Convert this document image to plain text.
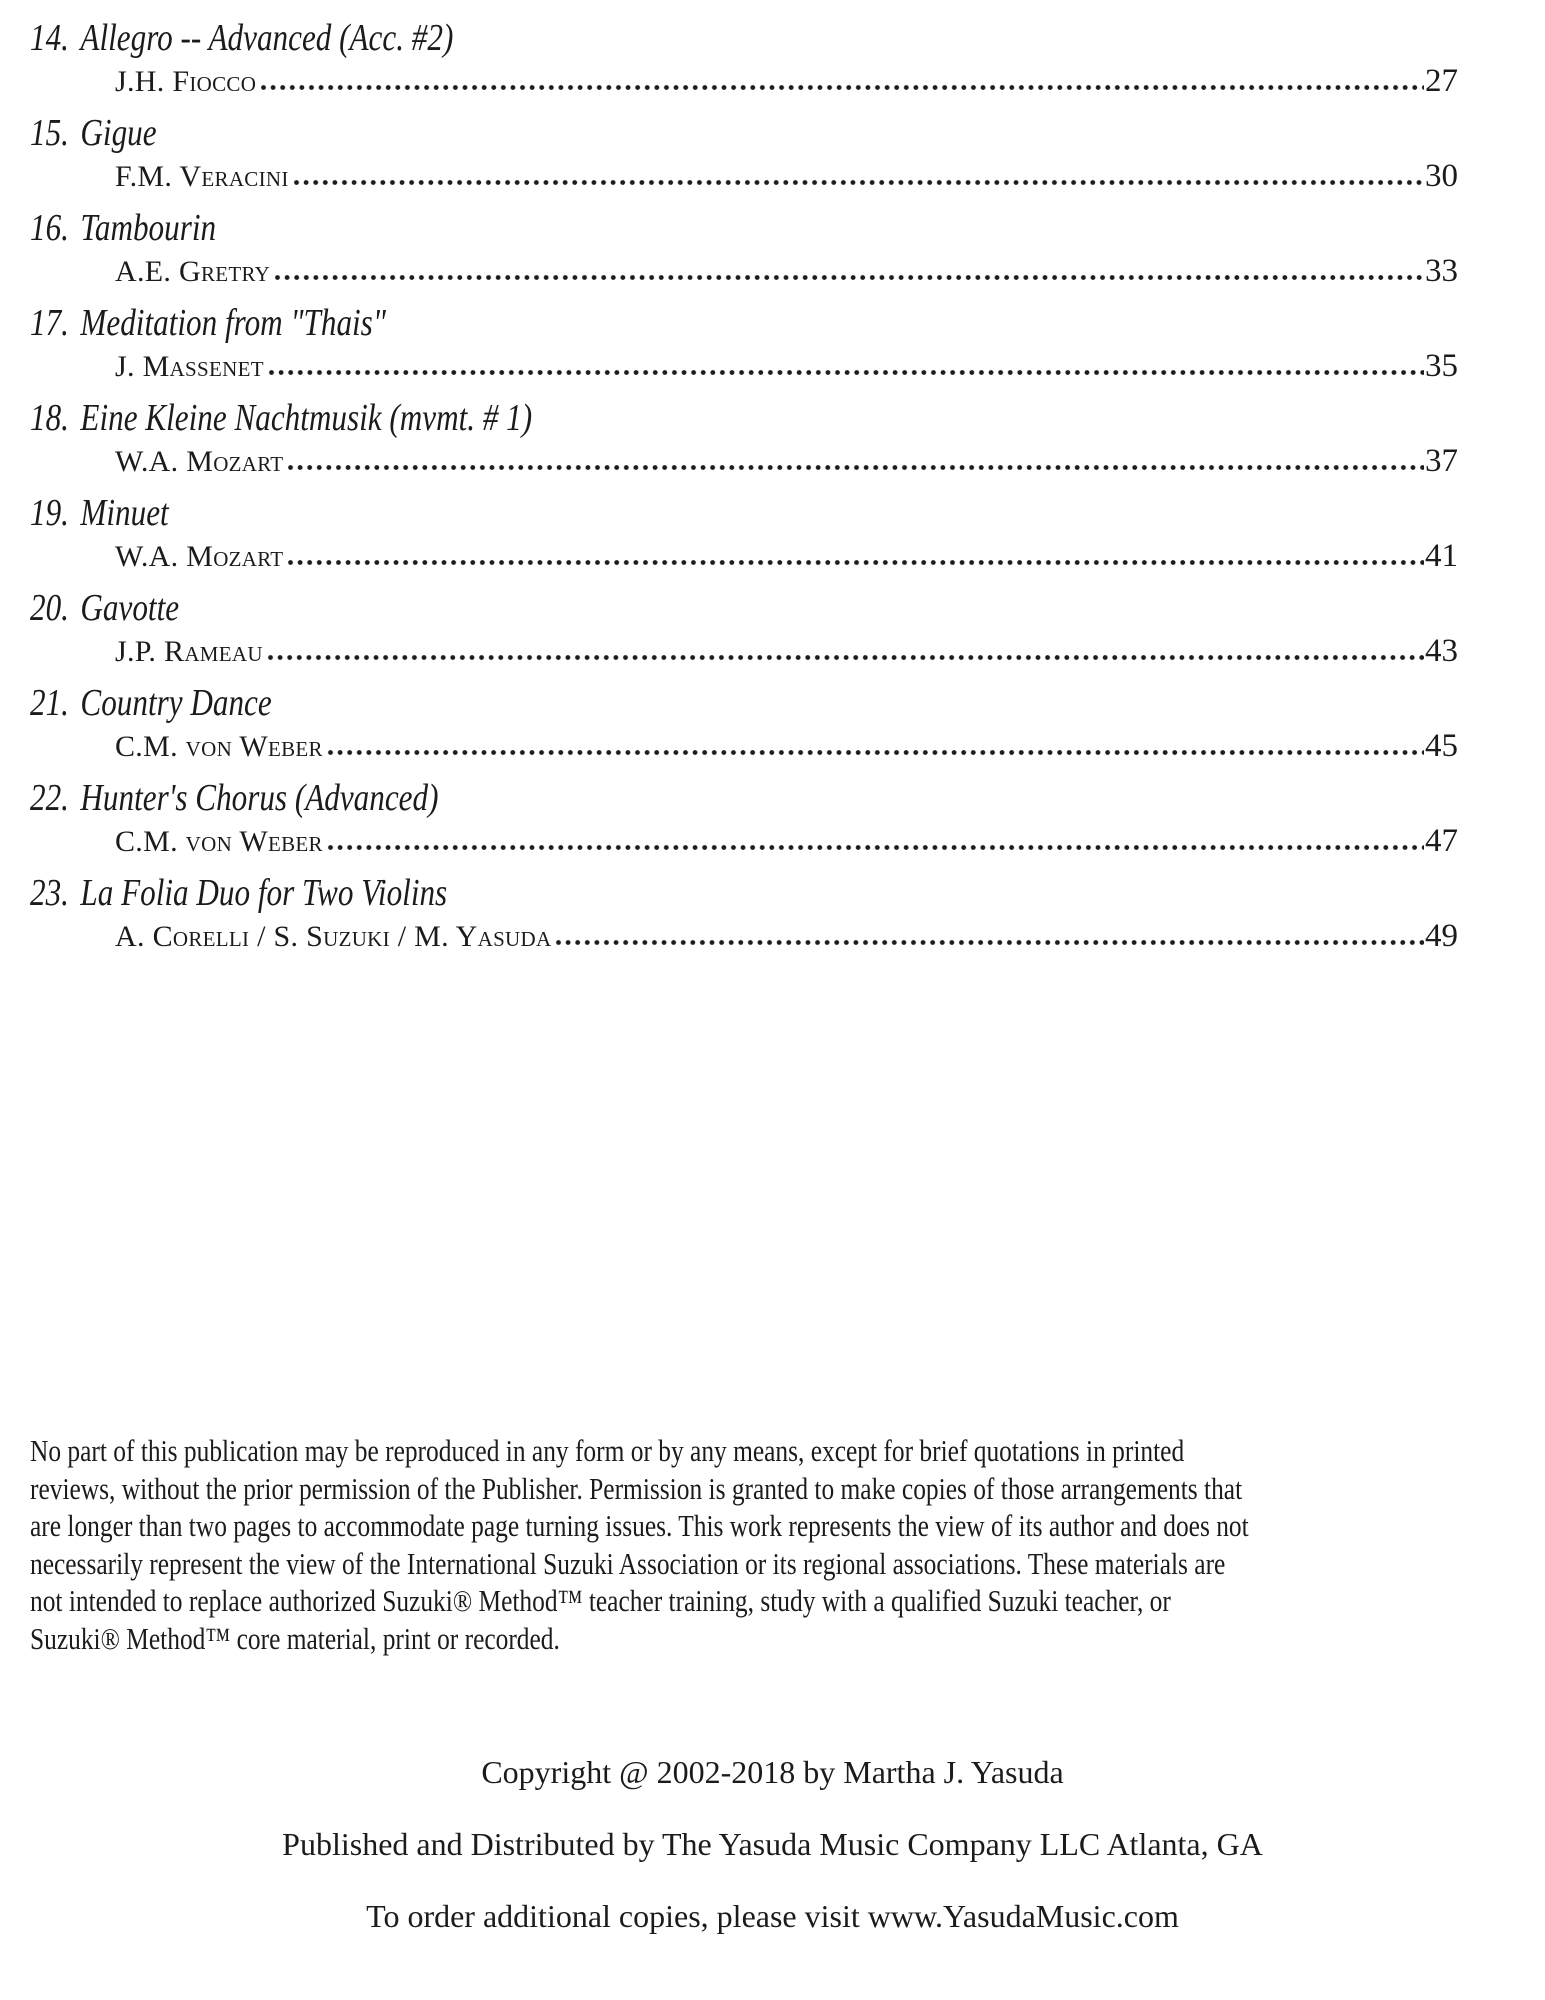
14. Allegro -- Advanced (Acc. #2)
J.H. Fiocco	27
15. Gigue
F.M. Veracini	30
16. Tambourin
A.E. Gretry	33
17. Meditation from "Thais"
J. Massenet	35
18. Eine Kleine Nachtmusik (mvmt. # 1)
W.A. Mozart	37
19. Minuet
W.A. Mozart	41
20. Gavotte
J.P. Rameau	43
21. Country Dance
C.M. von Weber	45
22. Hunter's Chorus (Advanced)
C.M. von Weber	47
23. La Folia Duo for Two Violins
A. Corelli / S. Suzuki / M. Yasuda	49

No part of this publication may be reproduced in any form or by any means, except for brief quotations in printed reviews, without the prior permission of the Publisher. Permission is granted to make copies of those arrangements that are longer than two pages to accommodate page turning issues. This work represents the view of its author and does not necessarily represent the view of the International Suzuki Association or its regional associations. These materials are not intended to replace authorized Suzuki® Method™ teacher training, study with a qualified Suzuki teacher, or Suzuki® Method™ core material, print or recorded.

Copyright @ 2002-2018 by Martha J. Yasuda
Published and Distributed by The Yasuda Music Company LLC Atlanta, GA
To order additional copies, please visit www.YasudaMusic.com
